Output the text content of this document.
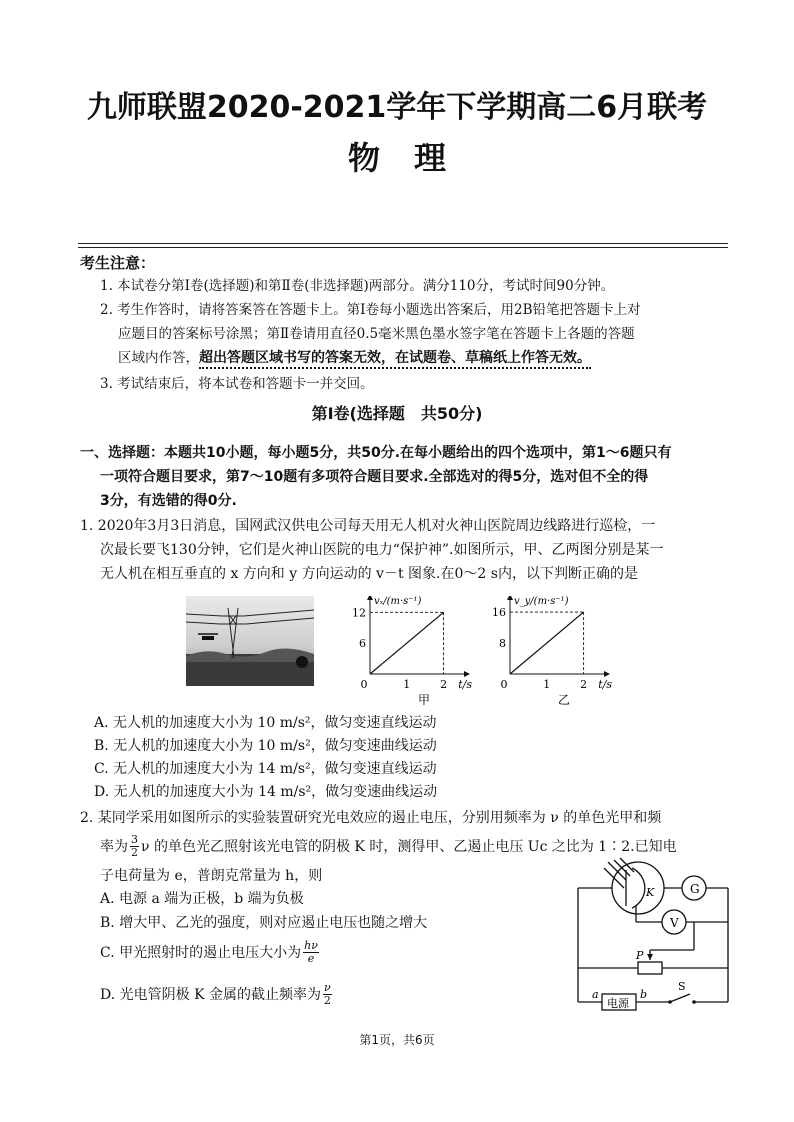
九师联盟2020-2021学年下学期高二6月联考
物理
考生注意：
1. 本试卷分第Ⅰ卷(选择题)和第Ⅱ卷(非选择题)两部分。满分110分，考试时间90分钟。
2. 考生作答时，请将答案答在答题卡上。第Ⅰ卷每小题选出答案后，用2B铅笔把答题卡上对
应题目的答案标号涂黑；第Ⅱ卷请用直径0.5毫米黑色墨水签字笔在答题卡上各题的答题
区域内作答，超出答题区域书写的答案无效，在试题卷、草稿纸上作答无效。
3. 考试结束后，将本试卷和答题卡一并交回。
第Ⅰ卷(选择题　共50分)
一、选择题：本题共10小题，每小题5分，共50分.在每小题给出的四个选项中，第1～6题只有
一项符合题目要求，第7～10题有多项符合题目要求.全部选对的得5分，选对但不全的得
3分，有选错的得0分.
1. 2020年3月3日消息，国网武汉供电公司每天用无人机对火神山医院周边线路进行巡检，一
次最长要飞130分钟，它们是火神山医院的电力“保护神”.如图所示，甲、乙两图分别是某一
无人机在相互垂直的 x 方向和 y 方向运动的 v－t 图象.在0～2 s内，以下判断正确的是
6
12
0	1	2
vₓ/(m·s⁻¹)
t/s
甲
8
16
0	1	2
v_y/(m·s⁻¹)
t/s
乙
A. 无人机的加速度大小为 10 m/s²，做匀变速直线运动
B. 无人机的加速度大小为 10 m/s²，做匀变速曲线运动
C. 无人机的加速度大小为 14 m/s²，做匀变速直线运动
D. 无人机的加速度大小为 14 m/s²，做匀变速曲线运动
2. 某同学采用如图所示的实验装置研究光电效应的遏止电压，分别用频率为 ν 的单色光甲和频
率为 $\frac{3}{2}$ ν 的单色光乙照射该光电管的阴极 K 时，测得甲、乙遏止电压 Uc 之比为 1∶2.已知电
子电荷量为 e，普朗克常量为 h，则
A. 电源 a 端为正极，b 端为负极
B. 增大甲、乙光的强度，则对应遏止电压也随之增大
C. 甲光照射时的遏止电压大小为 $\frac{h\nu}{e}$
D. 光电管阴极 K 金属的截止频率为 $\frac{\nu}{2}$
G
V
K
P
a	b
S
电源
第1页，共6页
